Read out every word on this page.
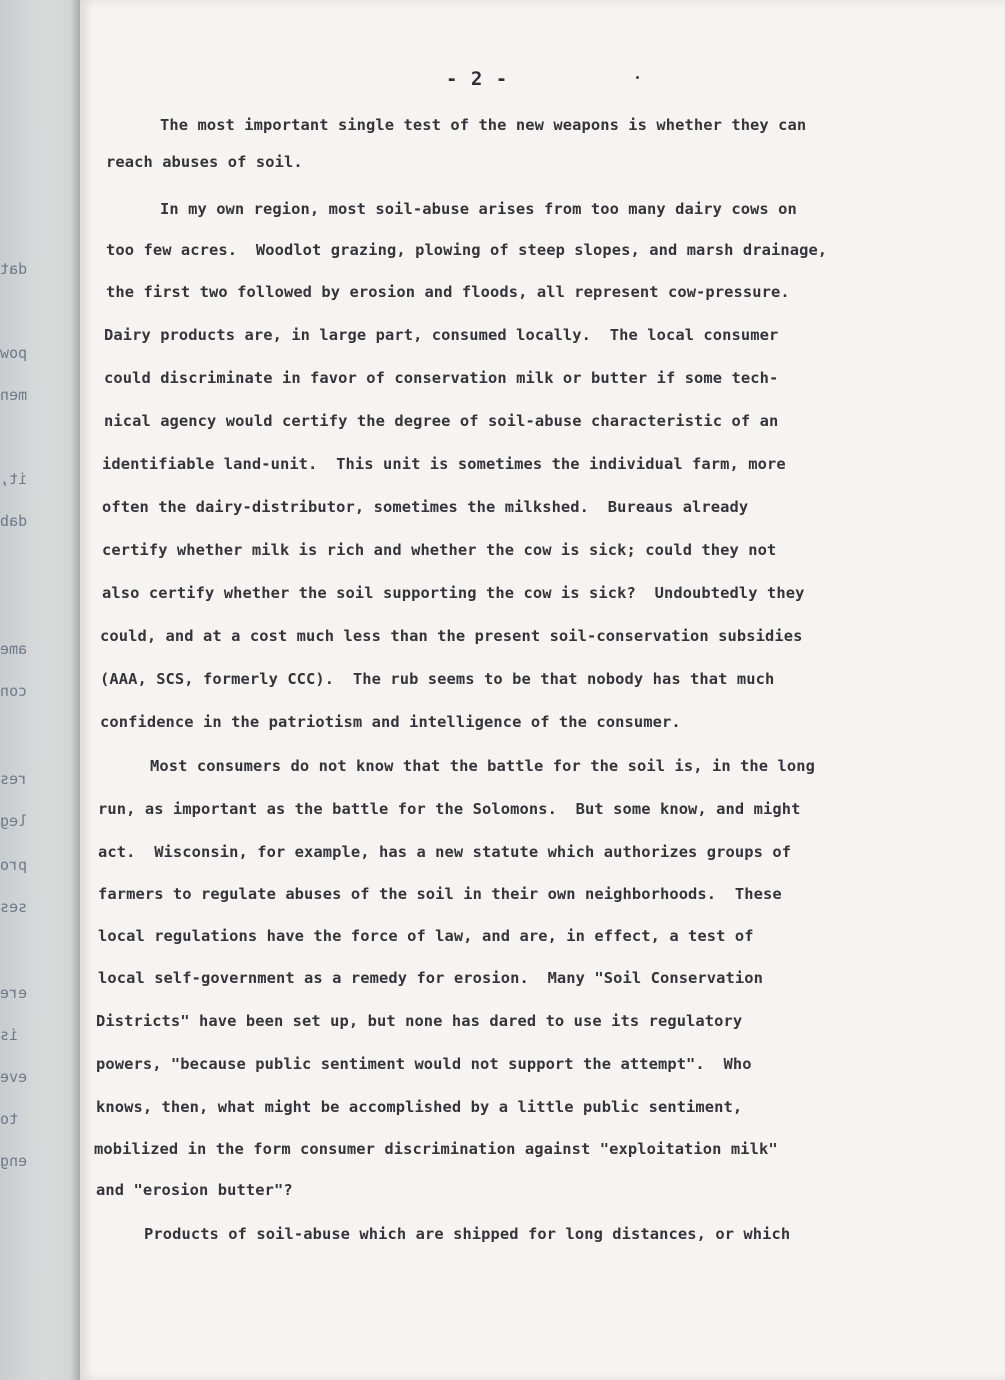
dat
pow
men
it,
dab
ame
con
res
leg
pro
ses
ere
is
eve
to
eng
- 2 -
The most important single test of the new weapons is whether they can
reach abuses of soil.
In my own region, most soil-abuse arises from too many dairy cows on
too few acres.  Woodlot grazing, plowing of steep slopes, and marsh drainage,
the first two followed by erosion and floods, all represent cow-pressure.
Dairy products are, in large part, consumed locally.  The local consumer
could discriminate in favor of conservation milk or butter if some tech-
nical agency would certify the degree of soil-abuse characteristic of an
identifiable land-unit.  This unit is sometimes the individual farm, more
often the dairy-distributor, sometimes the milkshed.  Bureaus already
certify whether milk is rich and whether the cow is sick; could they not
also certify whether the soil supporting the cow is sick?  Undoubtedly they
could, and at a cost much less than the present soil-conservation subsidies
(AAA, SCS, formerly CCC).  The rub seems to be that nobody has that much
confidence in the patriotism and intelligence of the consumer.
Most consumers do not know that the battle for the soil is, in the long
run, as important as the battle for the Solomons.  But some know, and might
act.  Wisconsin, for example, has a new statute which authorizes groups of
farmers to regulate abuses of the soil in their own neighborhoods.  These
local regulations have the force of law, and are, in effect, a test of
local self-government as a remedy for erosion.  Many "Soil Conservation
Districts" have been set up, but none has dared to use its regulatory
powers, "because public sentiment would not support the attempt".  Who
knows, then, what might be accomplished by a little public sentiment,
mobilized in the form consumer discrimination against "exploitation milk"
and "erosion butter"?
Products of soil-abuse which are shipped for long distances, or which
